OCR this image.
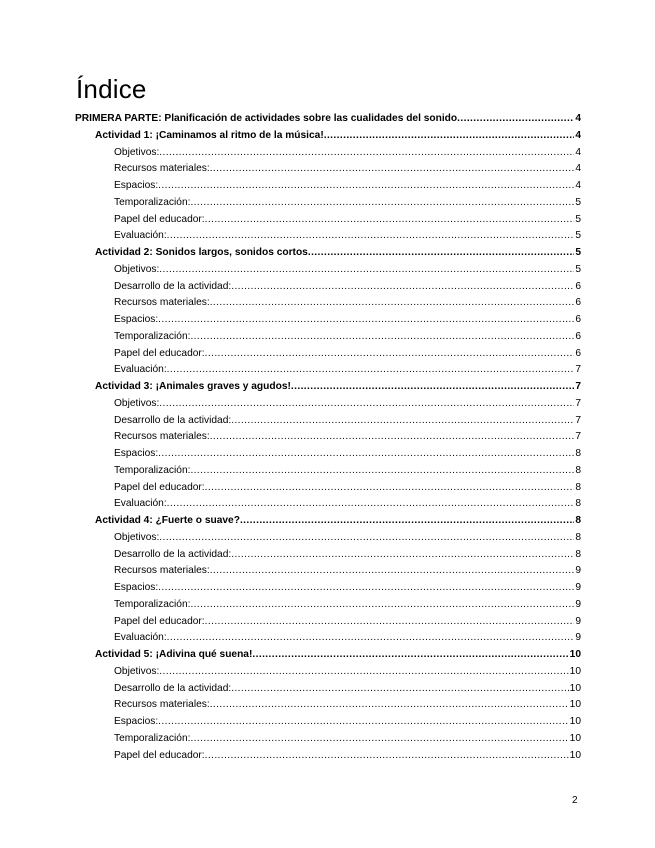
Índice
PRIMERA PARTE: Planificación de actividades sobre las cualidades del sonido .....	4
Actividad 1: ¡Caminamos al ritmo de la música! .....	4
Objetivos: .....	4
Recursos materiales: .....	4
Espacios: .....	4
Temporalización: .....	5
Papel del educador: .....	5
Evaluación: .....	5
Actividad 2: Sonidos largos, sonidos cortos .....	5
Objetivos: .....	5
Desarrollo de la actividad: .....	6
Recursos materiales: .....	6
Espacios: .....	6
Temporalización: .....	6
Papel del educador: .....	6
Evaluación: .....	7
Actividad 3: ¡Animales graves y agudos! .....	7
Objetivos: .....	7
Desarrollo de la actividad: .....	7
Recursos materiales: .....	7
Espacios: .....	8
Temporalización: .....	8
Papel del educador: .....	8
Evaluación: .....	8
Actividad 4: ¿Fuerte o suave? .....	8
Objetivos: .....	8
Desarrollo de la actividad: .....	8
Recursos materiales: .....	9
Espacios: .....	9
Temporalización: .....	9
Papel del educador: .....	9
Evaluación: .....	9
Actividad 5: ¡Adivina qué suena! .....	10
Objetivos: .....	10
Desarrollo de la actividad: .....	10
Recursos materiales: .....	10
Espacios: .....	10
Temporalización: .....	10
Papel del educador: .....	10
2
